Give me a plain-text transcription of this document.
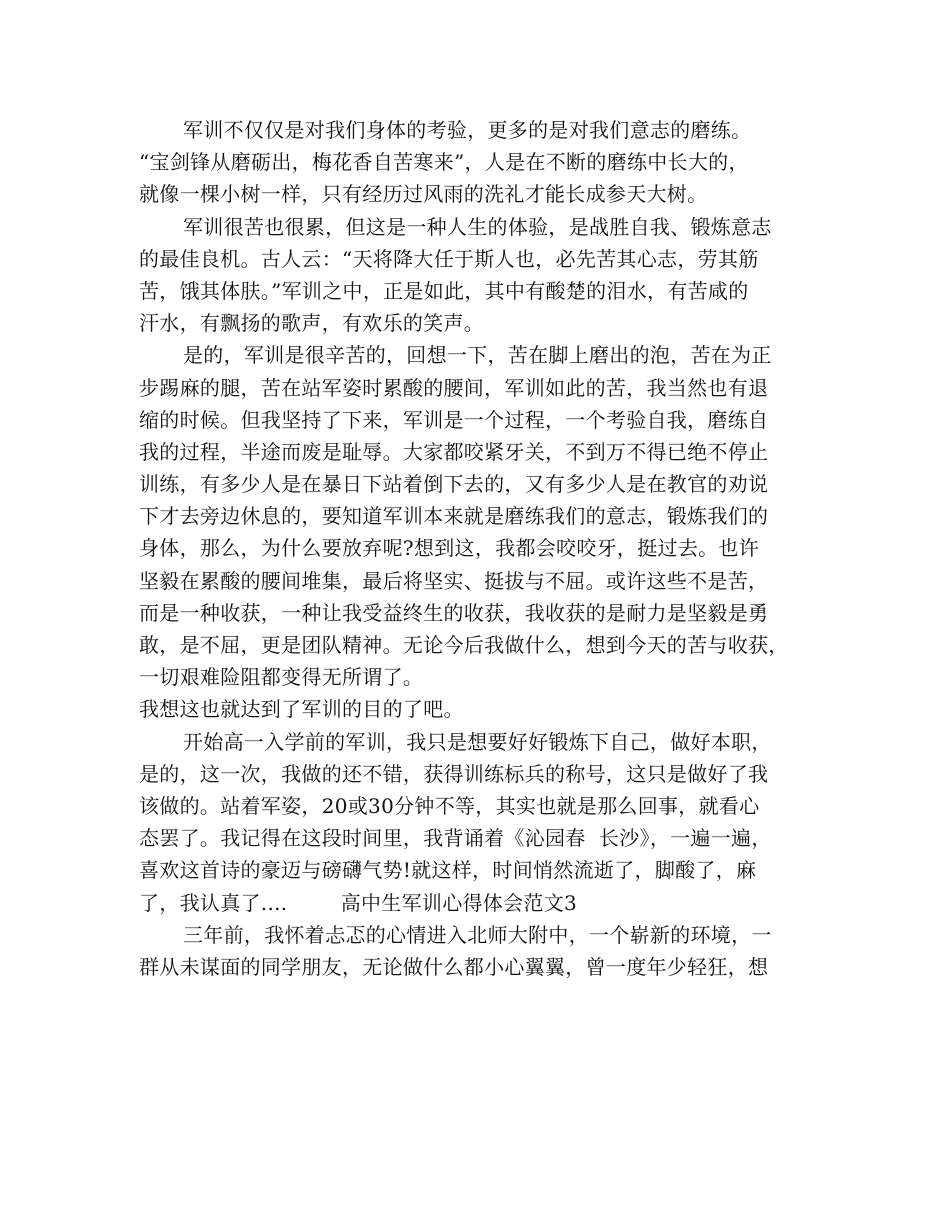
军训不仅仅是对我们身体的考验，更多的是对我们意志的磨练。
“宝剑锋从磨砺出，梅花香自苦寒来”，人是在不断的磨练中长大的，
就像一棵小树一样，只有经历过风雨的洗礼才能长成参天大树。
军训很苦也很累，但这是一种人生的体验，是战胜自我、锻炼意志
的最佳良机。古人云：“天将降大任于斯人也，必先苦其心志，劳其筋
苦，饿其体肤。”军训之中，正是如此，其中有酸楚的泪水，有苦咸的
汗水，有飘扬的歌声，有欢乐的笑声。
是的，军训是很辛苦的，回想一下，苦在脚上磨出的泡，苦在为正
步踢麻的腿，苦在站军姿时累酸的腰间，军训如此的苦，我当然也有退
缩的时候。但我坚持了下来，军训是一个过程，一个考验自我，磨练自
我的过程，半途而废是耻辱。大家都咬紧牙关，不到万不得已绝不停止
训练，有多少人是在暴日下站着倒下去的，又有多少人是在教官的劝说
下才去旁边休息的，要知道军训本来就是磨练我们的意志，锻炼我们的
身体，那么，为什么要放弃呢?想到这，我都会咬咬牙，挺过去。也许
坚毅在累酸的腰间堆集，最后将坚实、挺拔与不屈。或许这些不是苦，
而是一种收获，一种让我受益终生的收获，我收获的是耐力是坚毅是勇
敢，是不屈，更是团队精神。无论今后我做什么，想到今天的苦与收获，
一切艰难险阻都变得无所谓了。
我想这也就达到了军训的目的了吧。
开始高一入学前的军训，我只是想要好好锻炼下自己，做好本职，
是的，这一次，我做的还不错，获得训练标兵的称号，这只是做好了我
该做的。站着军姿，20或30分钟不等，其实也就是那么回事，就看心
态罢了。我记得在这段时间里，我背诵着《沁园春  长沙》，一遍一遍，
喜欢这首诗的豪迈与磅礴气势!就这样，时间悄然流逝了，脚酸了，麻
了，我认真了....        高中生军训心得体会范文3
三年前，我怀着忐忑的心情进入北师大附中，一个崭新的环境，一
群从未谋面的同学朋友，无论做什么都小心翼翼，曾一度年少轻狂，想
